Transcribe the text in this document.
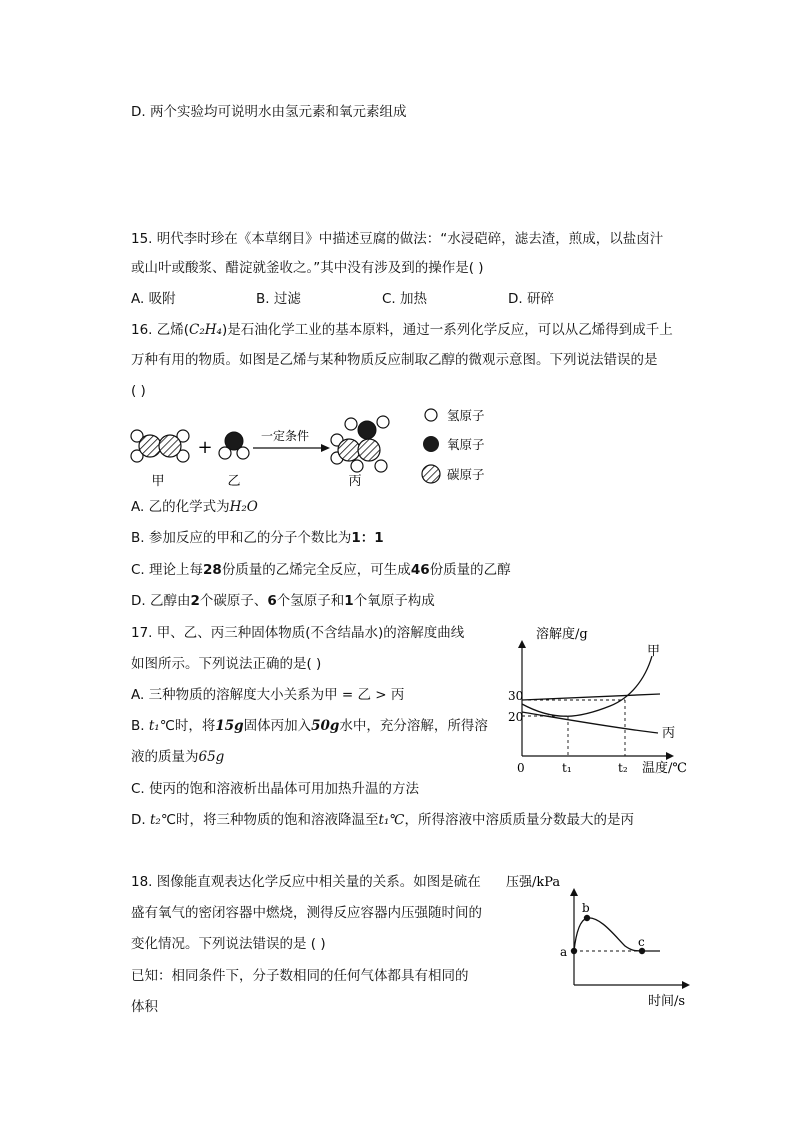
D. 两个实验均可说明水由氢元素和氧元素组成
15. 明代李时珍在《本草纲目》中描述豆腐的做法：“水浸硙碎，滤去渣，煎成，以盐卤汁
或山叶或酸浆、醋淀就釜收之。”其中没有涉及到的操作是( )
A. 吸附	B. 过滤	C. 加热	D. 研碎
16. 乙烯(C₂H₄)是石油化学工业的基本原料，通过一系列化学反应，可以从乙烯得到成千上
万种有用的物质。如图是乙烯与某种物质反应制取乙醇的微观示意图。下列说法错误的是
( )
甲
+
乙
一定条件
丙
氢原子
氧原子
碳原子
A. 乙的化学式为H₂O
B. 参加反应的甲和乙的分子个数比为1：1
C. 理论上每28份质量的乙烯完全反应，可生成46份质量的乙醇
D. 乙醇由2个碳原子、6个氢原子和1个氧原子构成
17. 甲、乙、丙三种固体物质(不含结晶水)的溶解度曲线
如图所示。下列说法正确的是( )
A. 三种物质的溶解度大小关系为甲 = 乙 > 丙
B. t₁℃时，将15g固体丙加入50g水中，充分溶解，所得溶
液的质量为65g
C. 使丙的饱和溶液析出晶体可用加热升温的方法
D. t₂℃时，将三种物质的饱和溶液降温至t₁℃，所得溶液中溶质质量分数最大的是丙
溶解度/g
甲
丙
30
20
0	t₁	t₂ 温度/℃
18. 图像能直观表达化学反应中相关量的关系。如图是硫在
盛有氧气的密闭容器中燃烧，测得反应容器内压强随时间的
变化情况。下列说法错误的是 ( )
已知：相同条件下，分子数相同的任何气体都具有相同的
体积
压强/kPa
a
b
c
时间/s
